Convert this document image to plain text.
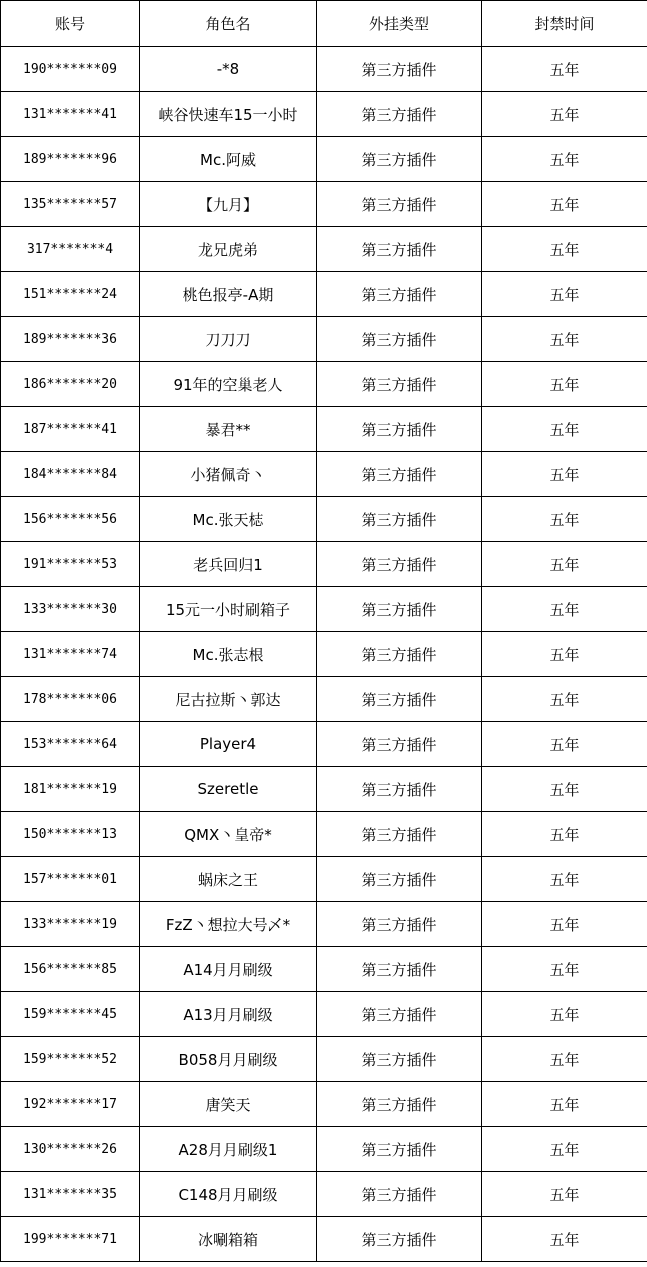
账号	角色名	外挂类型	封禁时间
190*******09	-*8	第三方插件	五年
131*******41	峡谷快速车15一小时	第三方插件	五年
189*******96	Mc.阿威	第三方插件	五年
135*******57	【九月】	第三方插件	五年
317*******4	龙兄虎弟	第三方插件	五年
151*******24	桃色报亭-A期	第三方插件	五年
189*******36	刀刀刀	第三方插件	五年
186*******20	91年的空巢老人	第三方插件	五年
187*******41	暴君**	第三方插件	五年
184*******84	小猪佩奇丶	第三方插件	五年
156*******56	Mc.张天梽	第三方插件	五年
191*******53	老兵回归1	第三方插件	五年
133*******30	15元一小时刷箱子	第三方插件	五年
131*******74	Mc.张志根	第三方插件	五年
178*******06	尼古拉斯丶郭达	第三方插件	五年
153*******64	Player4	第三方插件	五年
181*******19	Szeretle	第三方插件	五年
150*******13	QMX丶皇帝*	第三方插件	五年
157*******01	蜗床之王	第三方插件	五年
133*******19	FzZ丶想拉大号乄*	第三方插件	五年
156*******85	A14月月刷级	第三方插件	五年
159*******45	A13月月刷级	第三方插件	五年
159*******52	B058月月刷级	第三方插件	五年
192*******17	唐笑天	第三方插件	五年
130*******26	A28月月刷级1	第三方插件	五年
131*******35	C148月月刷级	第三方插件	五年
199*******71	冰唰箱箱	第三方插件	五年
